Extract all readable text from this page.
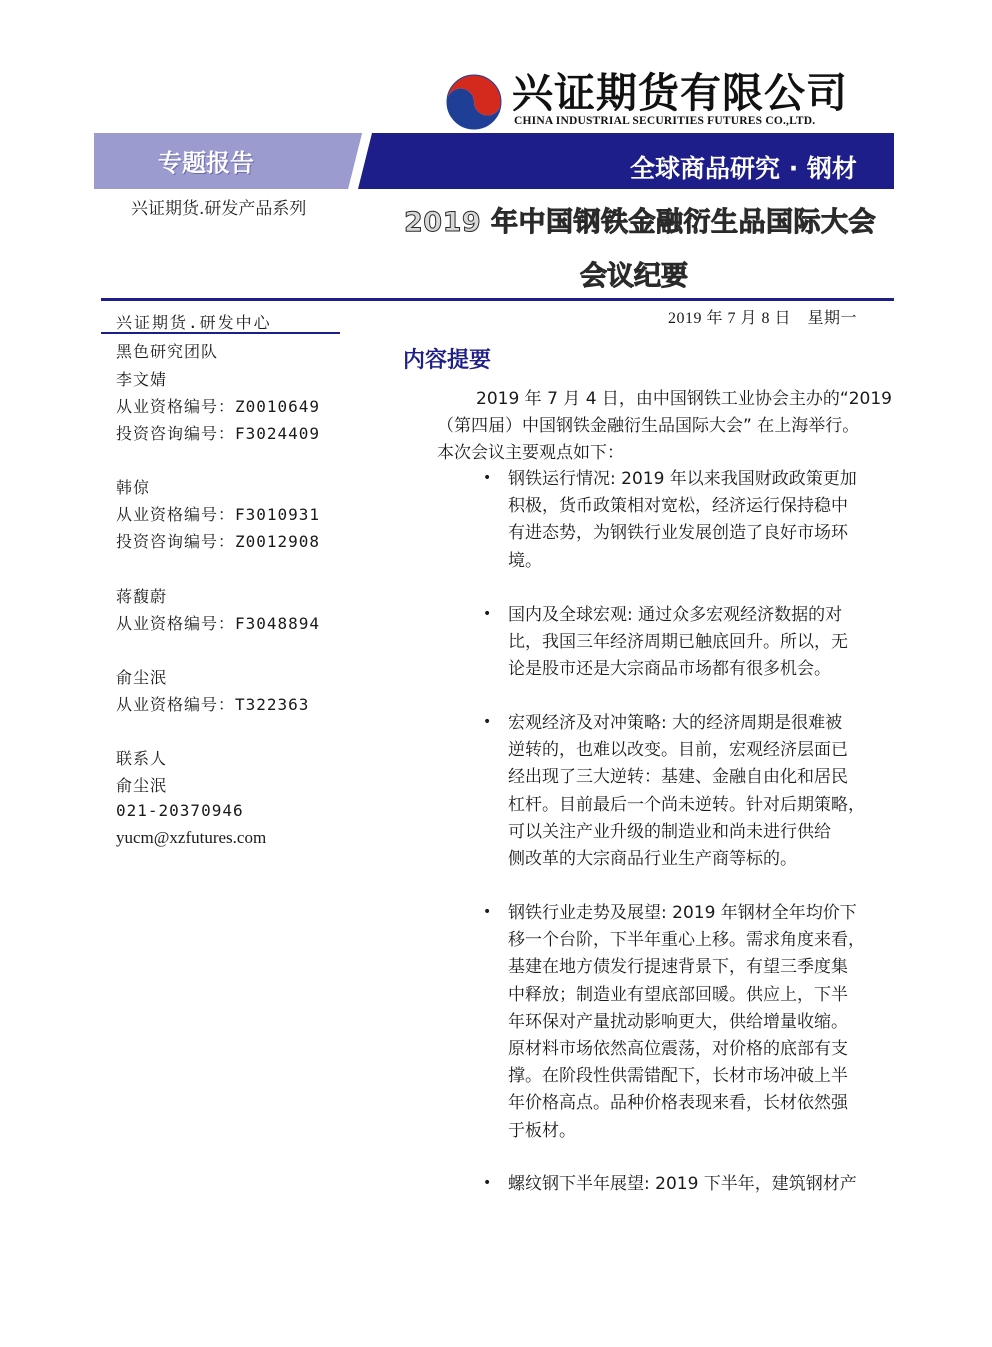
兴证期货有限公司
CHINA INDUSTRIAL SECURITIES FUTURES CO.,LTD.
专题报告	全球商品研究 · 钢材
兴证期货.研发产品系列	2019 年中国钢铁金融衍生品国际大会
会议纪要
兴证期货.研发中心
黑色研究团队
李文婧
从业资格编号：Z0010649
投资咨询编号：F3024409
韩倞
从业资格编号：F3010931
投资咨询编号：Z0012908
蒋馥蔚
从业资格编号：F3048894
俞尘泯
从业资格编号：T322363
联系人
俞尘泯
021-20370946
yucm@xzfutures.com
2019 年 7 月 8 日　星期一
内容提要
2019 年 7 月 4 日，由中国钢铁工业协会主办的“2019
（第四届）中国钢铁金融衍生品国际大会” 在上海举行。
本次会议主要观点如下：
• 钢铁运行情况: 2019 年以来我国财政政策更加
积极，货币政策相对宽松，经济运行保持稳中
有进态势，为钢铁行业发展创造了良好市场环
境。
• 国内及全球宏观: 通过众多宏观经济数据的对
比，我国三年经济周期已触底回升。所以，无
论是股市还是大宗商品市场都有很多机会。
• 宏观经济及对冲策略: 大的经济周期是很难被
逆转的，也难以改变。目前，宏观经济层面已
经出现了三大逆转：基建、金融自由化和居民
杠杆。目前最后一个尚未逆转。针对后期策略，
可以关注产业升级的制造业和尚未进行供给
侧改革的大宗商品行业生产商等标的。
• 钢铁行业走势及展望: 2019 年钢材全年均价下
移一个台阶，下半年重心上移。需求角度来看，
基建在地方债发行提速背景下，有望三季度集
中释放；制造业有望底部回暖。供应上，下半
年环保对产量扰动影响更大，供给增量收缩。
原材料市场依然高位震荡，对价格的底部有支
撑。在阶段性供需错配下，长材市场冲破上半
年价格高点。品种价格表现来看，长材依然强
于板材。
• 螺纹钢下半年展望: 2019 下半年，建筑钢材产
